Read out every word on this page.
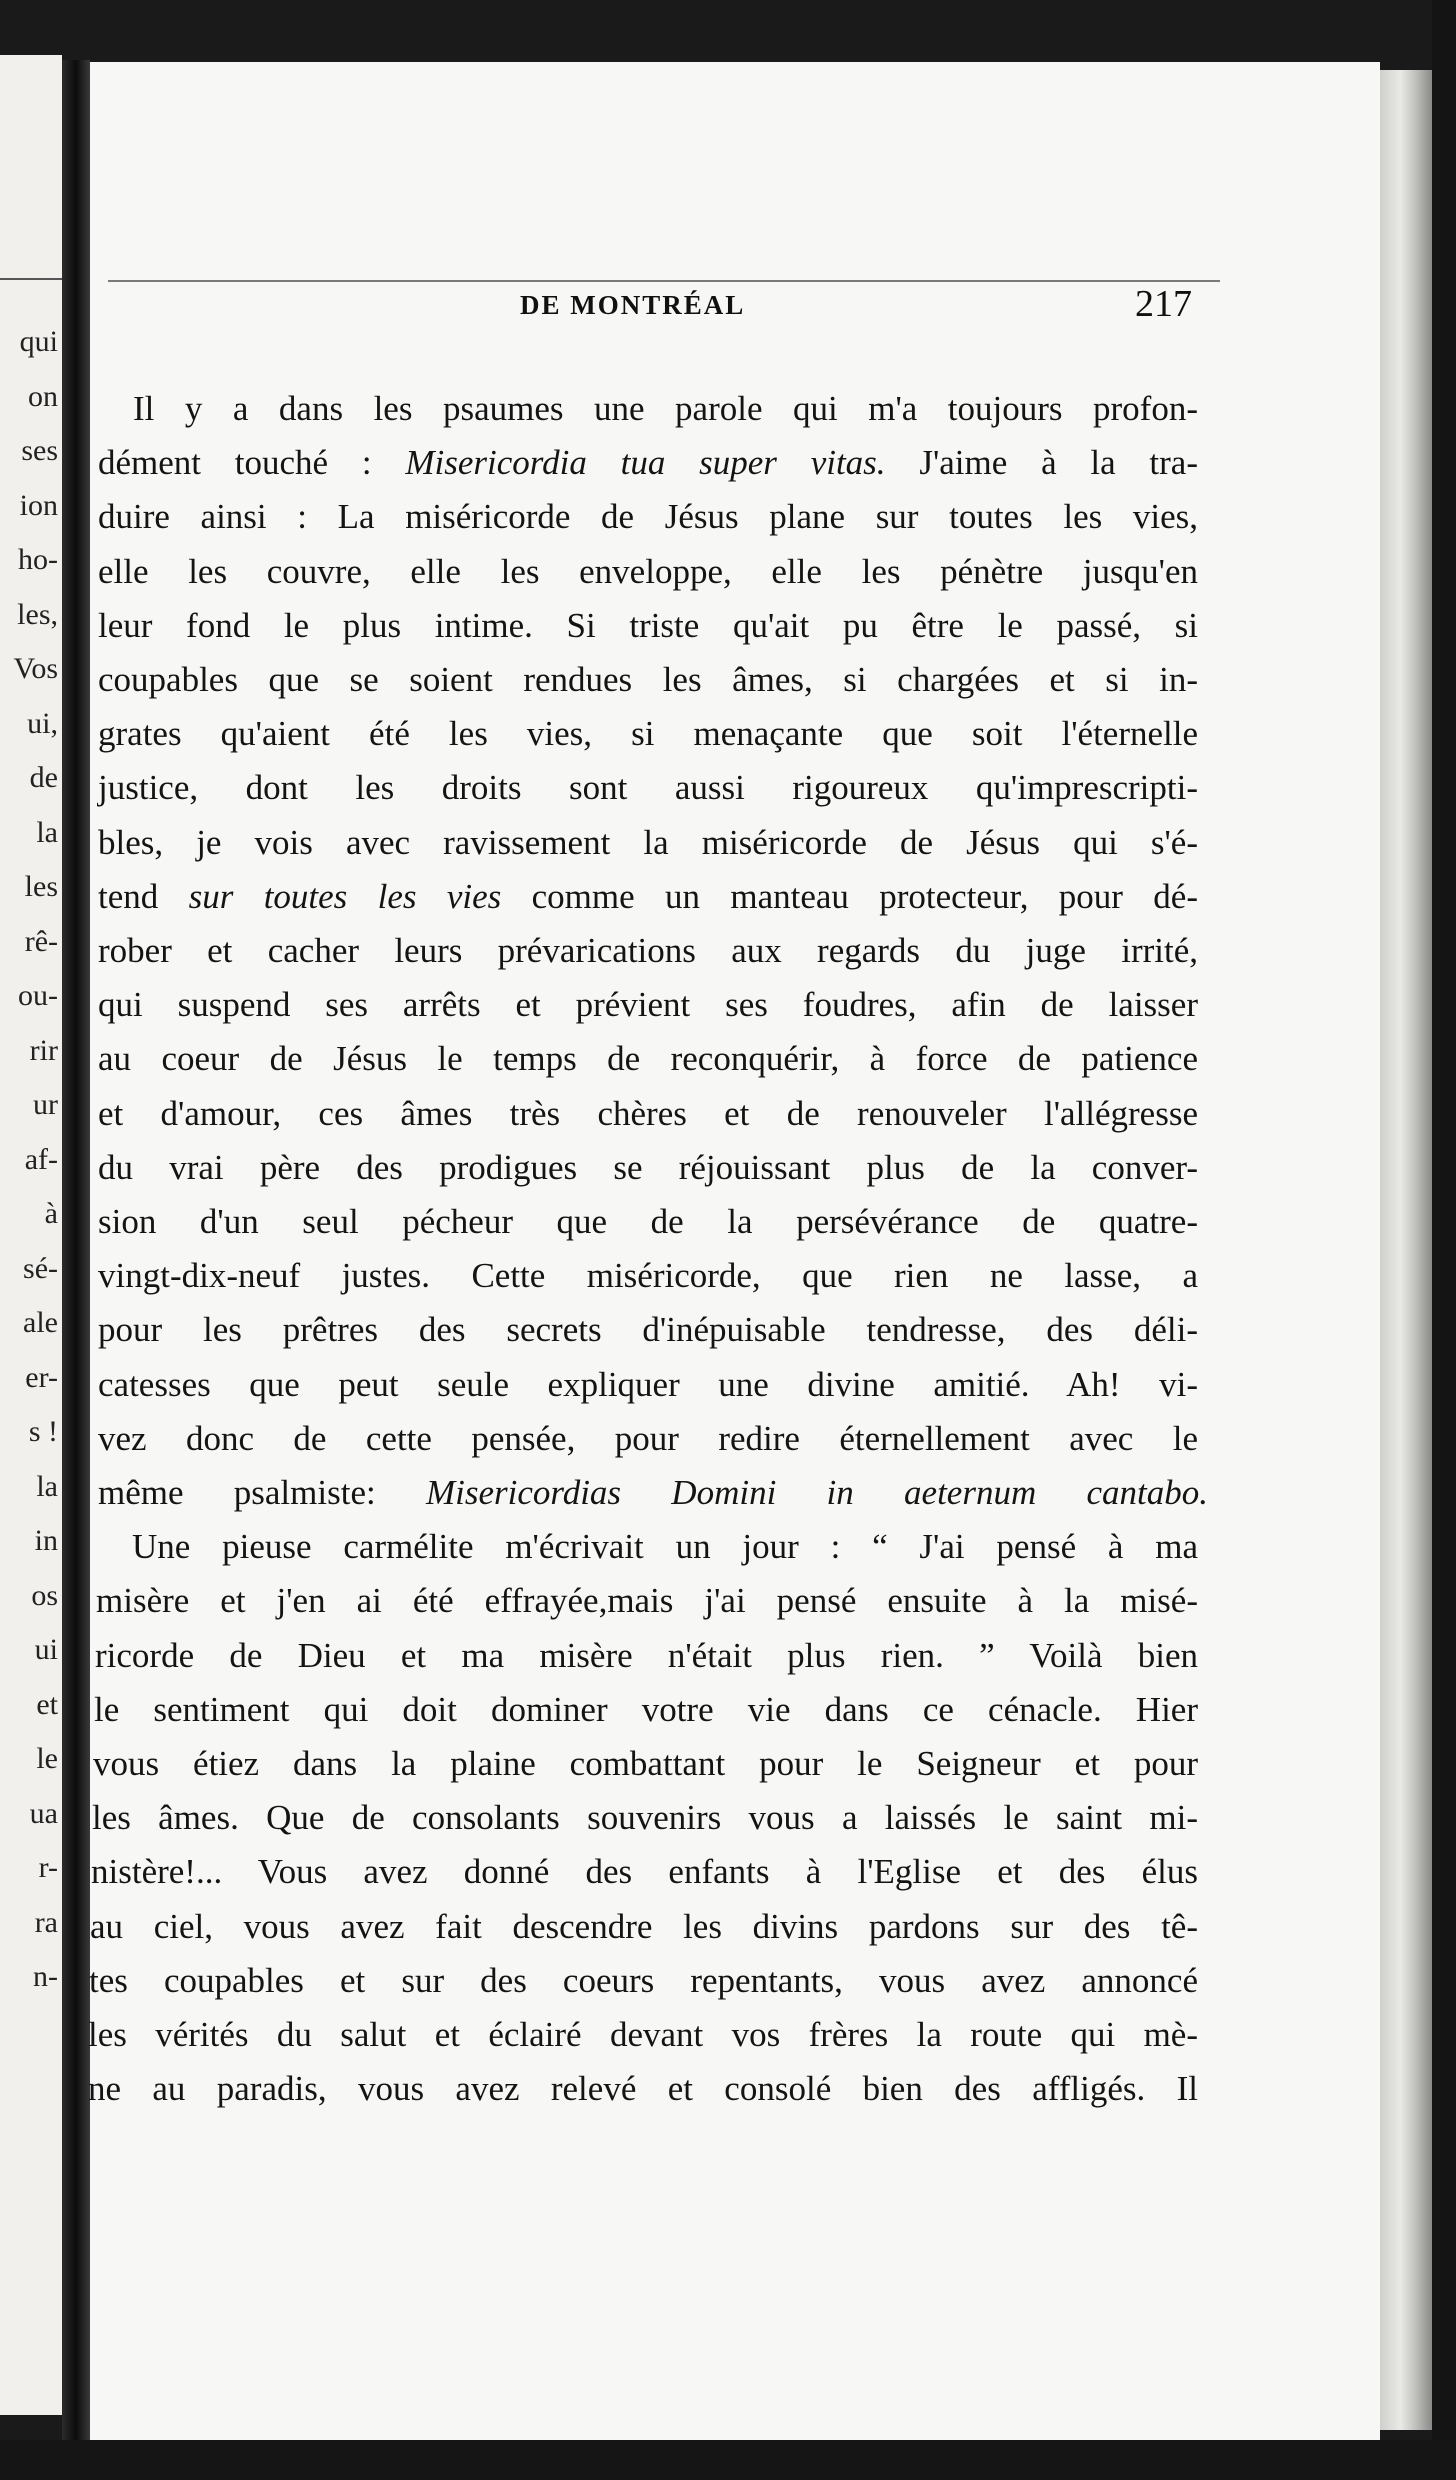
qui
on
ses
ion
ho-
les,
Vos
ui,
de
la
les
rê-
ou-
rir
ur
af-
à
sé-
ale
er-
s !
la
in
os
ui
et
le
ua
r-
ra
n-
DE MONTRÉAL	217
Il y a dans les psaumes une parole qui m'a toujours profon-
dément touché : Misericordia tua super vitas. J'aime à la tra-
duire ainsi : La miséricorde de Jésus plane sur toutes les vies,
elle les couvre, elle les enveloppe, elle les pénètre jusqu'en
leur fond le plus intime. Si triste qu'ait pu être le passé, si
coupables que se soient rendues les âmes, si chargées et si in-
grates qu'aient été les vies, si menaçante que soit l'éternelle
justice, dont les droits sont aussi rigoureux qu'imprescripti-
bles, je vois avec ravissement la miséricorde de Jésus qui s'é-
tend sur toutes les vies comme un manteau protecteur, pour dé-
rober et cacher leurs prévarications aux regards du juge irrité,
qui suspend ses arrêts et prévient ses foudres, afin de laisser
au coeur de Jésus le temps de reconquérir, à force de patience
et d'amour, ces âmes très chères et de renouveler l'allégresse
du vrai père des prodigues se réjouissant plus de la conver-
sion d'un seul pécheur que de la persévérance de quatre-
vingt-dix-neuf justes. Cette miséricorde, que rien ne lasse, a
pour les prêtres des secrets d'inépuisable tendresse, des déli-
catesses que peut seule expliquer une divine amitié. Ah! vi-
vez donc de cette pensée, pour redire éternellement avec le
même psalmiste: Misericordias Domini in aeternum cantabo.
Une pieuse carmélite m'écrivait un jour : “ J'ai pensé à ma
misère et j'en ai été effrayée,mais j'ai pensé ensuite à la misé-
ricorde de Dieu et ma misère n'était plus rien. ” Voilà bien
le sentiment qui doit dominer votre vie dans ce cénacle. Hier
vous étiez dans la plaine combattant pour le Seigneur et pour
les âmes. Que de consolants souvenirs vous a laissés le saint mi-
nistère!... Vous avez donné des enfants à l'Eglise et des élus
au ciel, vous avez fait descendre les divins pardons sur des tê-
tes coupables et sur des coeurs repentants, vous avez annoncé
les vérités du salut et éclairé devant vos frères la route qui mè-
ne au paradis, vous avez relevé et consolé bien des affligés. Il
